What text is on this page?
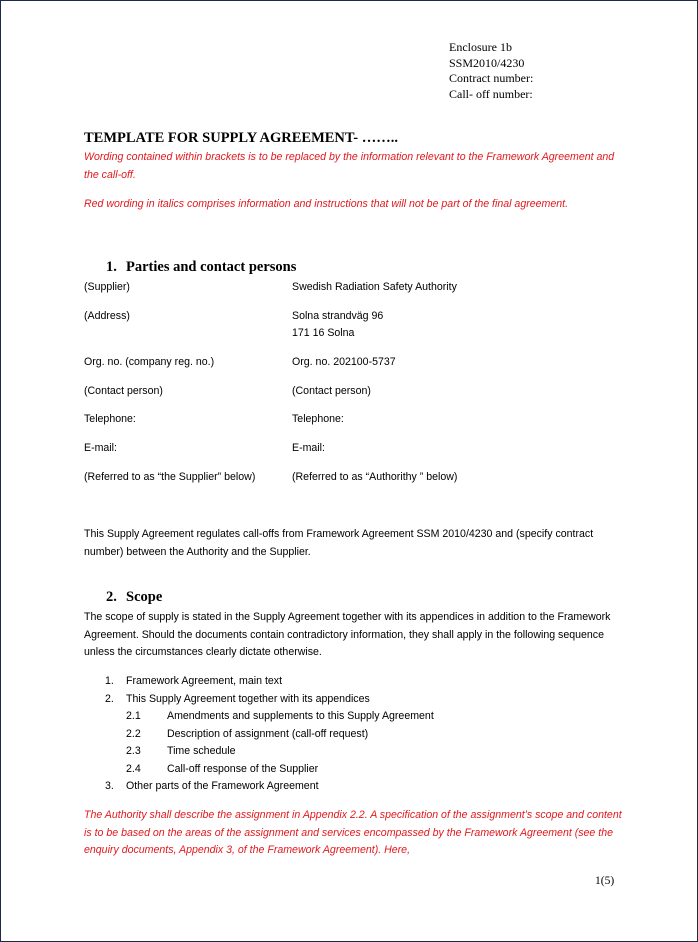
Enclosure 1b
SSM2010/4230
Contract number:
Call- off number:
TEMPLATE FOR SUPPLY AGREEMENT- ……..
Wording contained within brackets is to be replaced by the information relevant to the Framework Agreement and the call-off.
Red wording in italics comprises information and instructions that will not be part of the final agreement.
1. Parties and contact persons
(Supplier)	Swedish Radiation Safety Authority
(Address)	Solna strandväg 96
171 16 Solna
Org. no. (company reg. no.)	Org. no. 202100-5737
(Contact person)	(Contact person)
Telephone:	Telephone:
E-mail:	E-mail:
(Referred to as “the Supplier” below)	(Referred to as “Authorithy ” below)
This Supply Agreement regulates call-offs from Framework Agreement SSM 2010/4230 and (specify contract number) between the Authority and the Supplier.
2. Scope
The scope of supply is stated in the Supply Agreement together with its appendices in addition to the Framework Agreement. Should the documents contain contradictory information, they shall apply in the following sequence unless the circumstances clearly dictate otherwise.
1. Framework Agreement, main text
2. This Supply Agreement together with its appendices
2.1 Amendments and supplements to this Supply Agreement
2.2 Description of assignment (call-off request)
2.3 Time schedule
2.4 Call-off response of the Supplier
3. Other parts of the Framework Agreement
The Authority shall describe the assignment in Appendix 2.2. A specification of the assignment’s scope and content is to be based on the areas of the assignment and services encompassed by the Framework Agreement (see the enquiry documents, Appendix 3, of the Framework Agreement). Here,
1(5)
